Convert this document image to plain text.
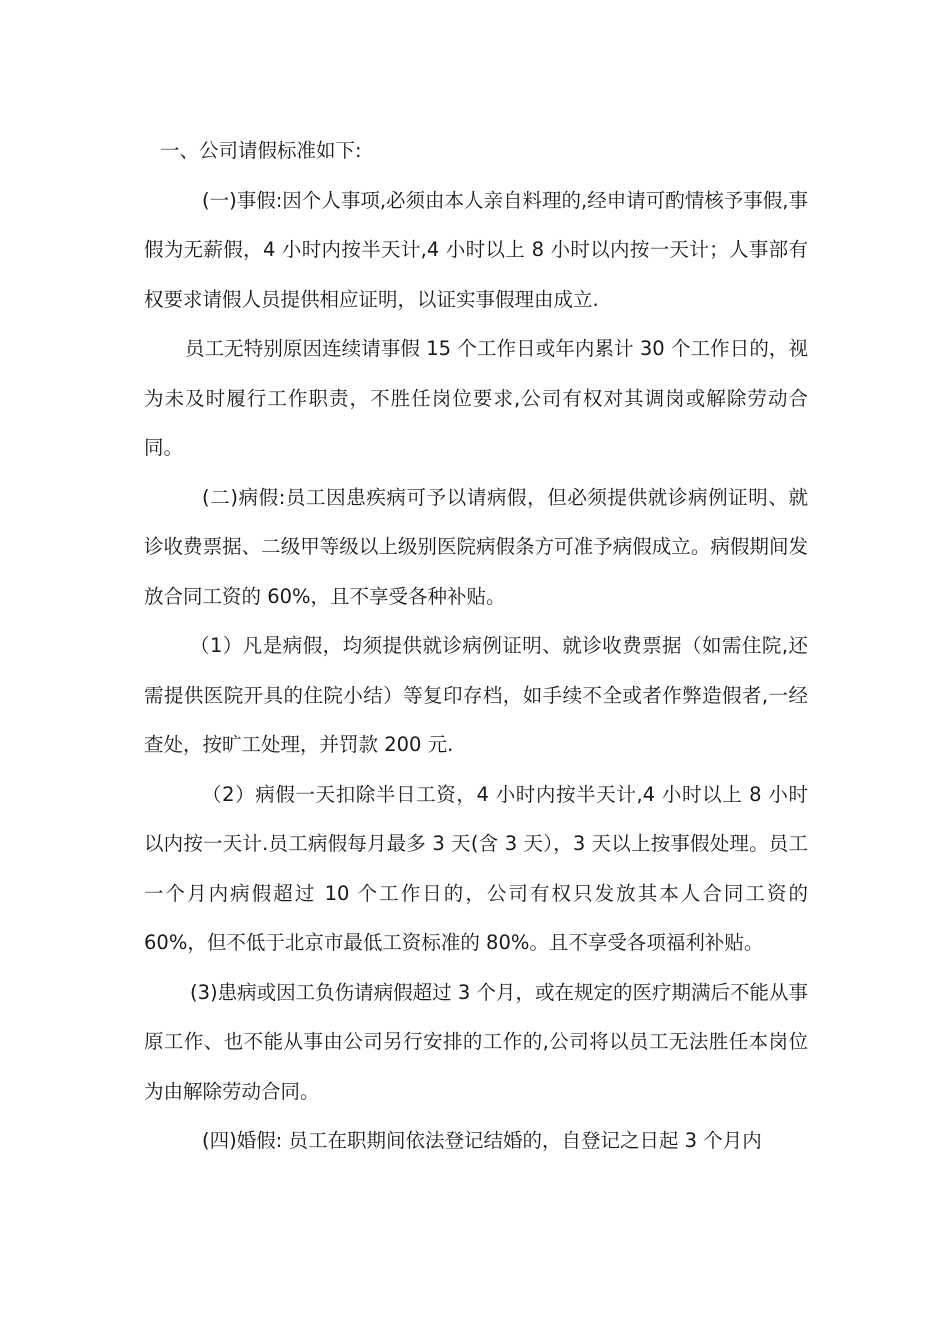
一、公司请假标准如下:

(一)事假:因个人事项,必须由本人亲自料理的,经申请可酌情核予事假,事假为无薪假，4 小时内按半天计,4 小时以上 8 小时以内按一天计；人事部有权要求请假人员提供相应证明，以证实事假理由成立.

员工无特别原因连续请事假 15 个工作日或年内累计 30 个工作日的，视为未及时履行工作职责，不胜任岗位要求,公司有权对其调岗或解除劳动合同。

(二)病假:员工因患疾病可予以请病假，但必须提供就诊病例证明、就诊收费票据、二级甲等级以上级别医院病假条方可准予病假成立。病假期间发放合同工资的 60%，且不享受各种补贴。

（1）凡是病假，均须提供就诊病例证明、就诊收费票据（如需住院,还需提供医院开具的住院小结）等复印存档，如手续不全或者作弊造假者,一经查处，按旷工处理，并罚款 200 元.

（2）病假一天扣除半日工资，4 小时内按半天计,4 小时以上 8 小时以内按一天计.员工病假每月最多 3 天(含 3 天），3 天以上按事假处理。员工一个月内病假超过 10 个工作日的，公司有权只发放其本人合同工资的 60%，但不低于北京市最低工资标准的 80%。且不享受各项福利补贴。

(3)患病或因工负伤请病假超过 3 个月，或在规定的医疗期满后不能从事原工作、也不能从事由公司另行安排的工作的,公司将以员工无法胜任本岗位为由解除劳动合同。

(四)婚假: 员工在职期间依法登记结婚的，自登记之日起 3 个月内
